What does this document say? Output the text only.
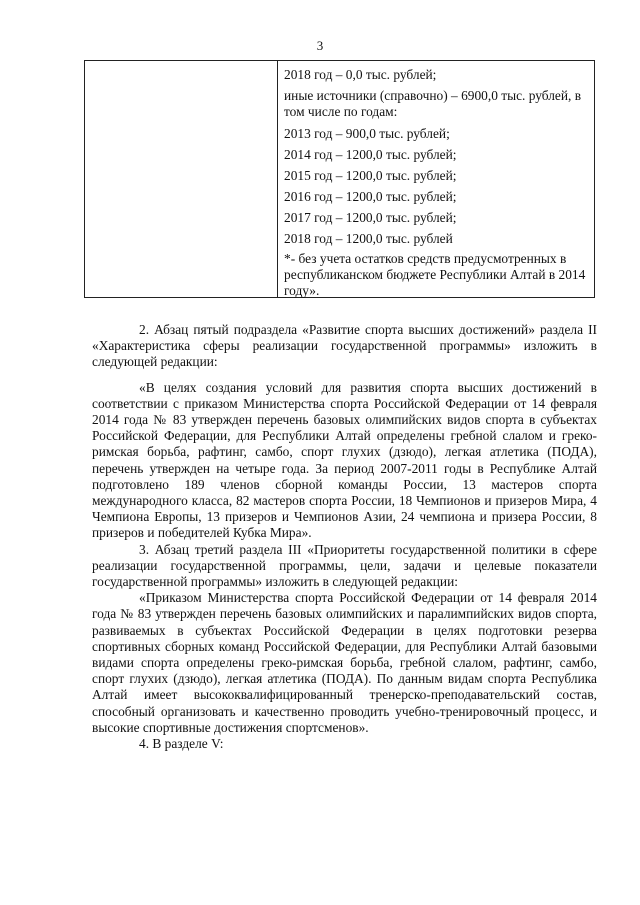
3
2018 год – 0,0 тыс. рублей;
иные источники (справочно) – 6900,0 тыс. рублей, в том числе по годам:
2013 год – 900,0 тыс. рублей;
2014 год – 1200,0 тыс. рублей;
2015 год – 1200,0 тыс. рублей;
2016 год – 1200,0 тыс. рублей;
2017 год – 1200,0 тыс. рублей;
2018 год – 1200,0 тыс. рублей
*- без учета остатков средств предусмотренных в республиканском бюджете Республики Алтай в 2014 году».

2. Абзац пятый подраздела «Развитие спорта высших достижений» раздела II «Характеристика сферы реализации государственной программы» изложить в следующей редакции:

«В целях создания условий для развития спорта высших достижений в соответствии с приказом Министерства спорта Российской Федерации от 14 февраля 2014 года № 83 утвержден перечень базовых олимпийских видов спорта в субъектах Российской Федерации, для Республики Алтай определены гребной слалом и греко-римская борьба, рафтинг, самбо, спорт глухих (дзюдо), легкая атлетика (ПОДА), перечень утвержден на четыре года. За период 2007-2011 годы в Республике Алтай подготовлено 189 членов сборной команды России, 13 мастеров спорта международного класса, 82 мастеров спорта России, 18 Чемпионов и призеров Мира, 4 Чемпиона Европы, 13 призеров и Чемпионов Азии, 24 чемпиона и призера России, 8 призеров и победителей Кубка Мира».

3. Абзац третий раздела III «Приоритеты государственной политики в сфере реализации государственной программы, цели, задачи и целевые показатели государственной программы» изложить в следующей редакции:

«Приказом Министерства спорта Российской Федерации от 14 февраля 2014 года № 83 утвержден перечень базовых олимпийских и паралимпийских видов спорта, развиваемых в субъектах Российской Федерации в целях подготовки резерва спортивных сборных команд Российской Федерации, для Республики Алтай базовыми видами спорта определены греко-римская борьба, гребной слалом, рафтинг, самбо, спорт глухих (дзюдо), легкая атлетика (ПОДА). По данным видам спорта Республика Алтай имеет высококвалифицированный тренерско-преподавательский состав, способный организовать и качественно проводить учебно-тренировочный процесс, и высокие спортивные достижения спортсменов».

4. В разделе V:
